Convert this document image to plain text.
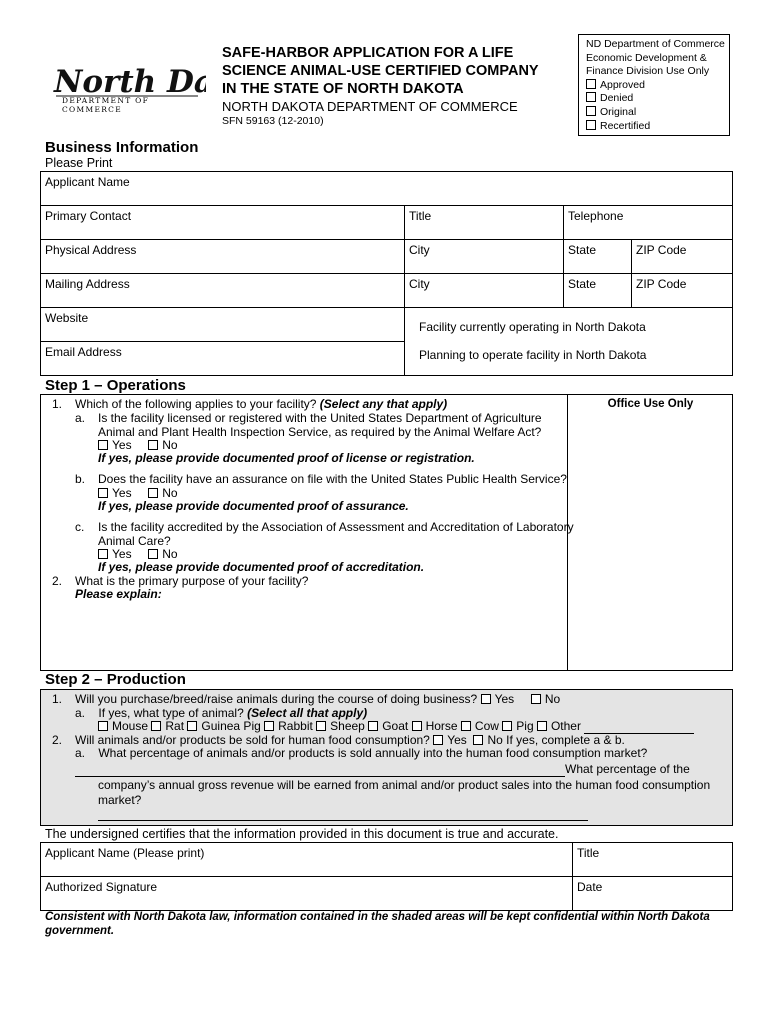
North D
DEPARTMENT OF COMMERCE
SAFE-HARBOR APPLICATION FOR A LIFE
SCIENCE ANIMAL-USE CERTIFIED COMPANY
IN THE STATE OF NORTH DAKOTA
NORTH DAKOTA DEPARTMENT OF COMMERCE
SFN 59163 (12-2010)
ND Department of Commerce
Economic Development &
Finance Division Use Only
Approved
Denied
Original
Recertified
Business Information
Please Print
Applicant Name			
Primary Contact	Title	Telephone	
Physical Address	City	State	ZIP Code
Mailing Address	City	State	ZIP Code
Website	Facility currently operating in North Dakota
Planning to operate facility in North Dakota		

Email Address			
Step 1 – Operations
Office Use Only
1. Which of the following applies to your facility? (Select any that apply)
a. Is the facility licensed or registered with the United States Department of Agriculture
Animal and Plant Health Inspection Service, as required by the Animal Welfare Act?
Yes	No
If yes, please provide documented proof of license or registration.
b. Does the facility have an assurance on file with the United States Public Health Service?
Yes	No
If yes, please provide documented proof of assurance.
c. Is the facility accredited by the Association of Assessment and Accreditation of Laboratory
Animal Care?
Yes	No
If yes, please provide documented proof of accreditation.
2. What is the primary purpose of your facility?
Please explain:
Step 2 – Production
1. Will you purchase/breed/raise animals during the course of doing business? Yes	No
a. If yes, what type of animal? (Select all that apply)
Mouse Rat Guinea Pig Rabbit Sheep Goat Horse Cow Pig Other
2. Will animals and/or products be sold for human food consumption? Yes No If yes, complete a & b.
a. What percentage of animals and/or products is sold annually into the human food consumption market?
What percentage of the
company’s annual gross revenue will be earned from animal and/or product sales into the human food consumption
market?
The undersigned certifies that the information provided in this document is true and accurate.
Applicant Name (Please print)	Title
Authorized Signature	Date
Consistent with North Dakota law, information contained in the shaded areas will be kept confidential within North Dakota
government.
